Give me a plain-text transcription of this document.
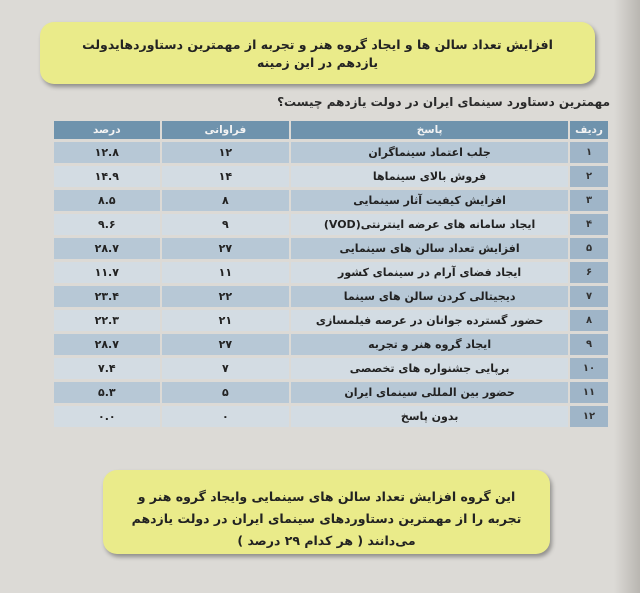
افزایش تعداد سالن ها و ایجاد گروه هنر و تجربه از مهمترین دستاوردهایدولت یازدهم در این زمینه
مهمترین دستاورد سینمای ایران در دولت یازدهم چیست؟
ردیف	پاسخ	فراوانی	درصد
۱	جلب اعتماد سینماگران	۱۲	۱۲.۸
۲	فروش بالای سینماها	۱۴	۱۴.۹
۳	افزایش کیفیت آثار سینمایی	۸	۸.۵
۴	ایجاد سامانه های عرضه اینترنتی(VOD)	۹	۹.۶
۵	افزایش تعداد سالن های سینمایی	۲۷	۲۸.۷
۶	ایجاد فضای آرام در سینمای کشور	۱۱	۱۱.۷
۷	دیجیتالی کردن سالن های سینما	۲۲	۲۳.۴
۸	حضور گسترده جوانان در عرصه فیلمسازی	۲۱	۲۲.۳
۹	ایجاد گروه هنر و تجربه	۲۷	۲۸.۷
۱۰	برپایی جشنواره های تخصصی	۷	۷.۴
۱۱	حضور بین المللی سینمای ایران	۵	۵.۳
۱۲	بدون پاسخ	۰	۰.۰
این گروه افزایش تعداد سالن های سینمایی وایجاد گروه هنر و تجربه را از مهمترین دستاوردهای سینمای ایران در دولت یازدهم می‌دانند ( هر کدام ۲۹ درصد )
